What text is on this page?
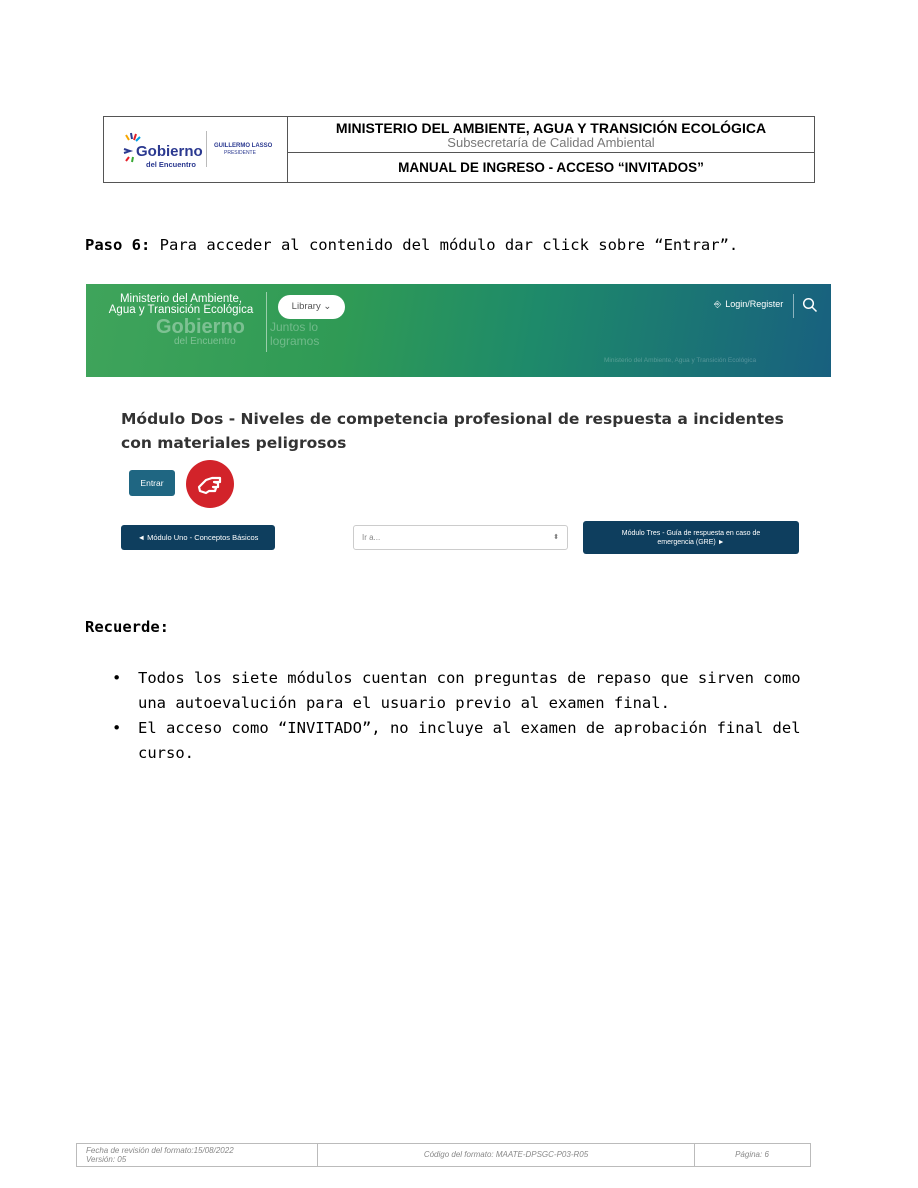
Gobierno
del Encuentro
GUILLERMO LASSO
PRESIDENTE
MINISTERIO DEL AMBIENTE, AGUA Y TRANSICIÓN ECOLÓGICA
Subsecretaría de Calidad Ambiental
MANUAL DE INGRESO - ACCESO “INVITADOS”
Paso 6: Para acceder al contenido del módulo dar click sobre “Entrar”.
Gobierno
del Encuentro
Juntos lo logramos
Ministerio del Ambiente, Agua y Transición Ecológica
Ministerio del Ambiente, Agua y Transición Ecológica	Library ⌄	⎆ Login/Register
Módulo Dos - Niveles de competencia profesional de respuesta a incidentes con materiales peligrosos
Entrar
◄ Módulo Uno - Conceptos Básicos	Ir a...	⬍
Módulo Tres - Guía de respuesta en caso de emergencia (GRE) ►
Recuerde:
• Todos los siete módulos cuentan con preguntas de repaso que sirven como una autoevalución para el usuario previo al examen final.
• El acceso como “INVITADO”, no incluye al examen de aprobación final del curso.
Fecha de revisión del formato:15/08/2022
Versión: 05
Código del formato: MAATE-DPSGC-P03-R05	Página: 6
